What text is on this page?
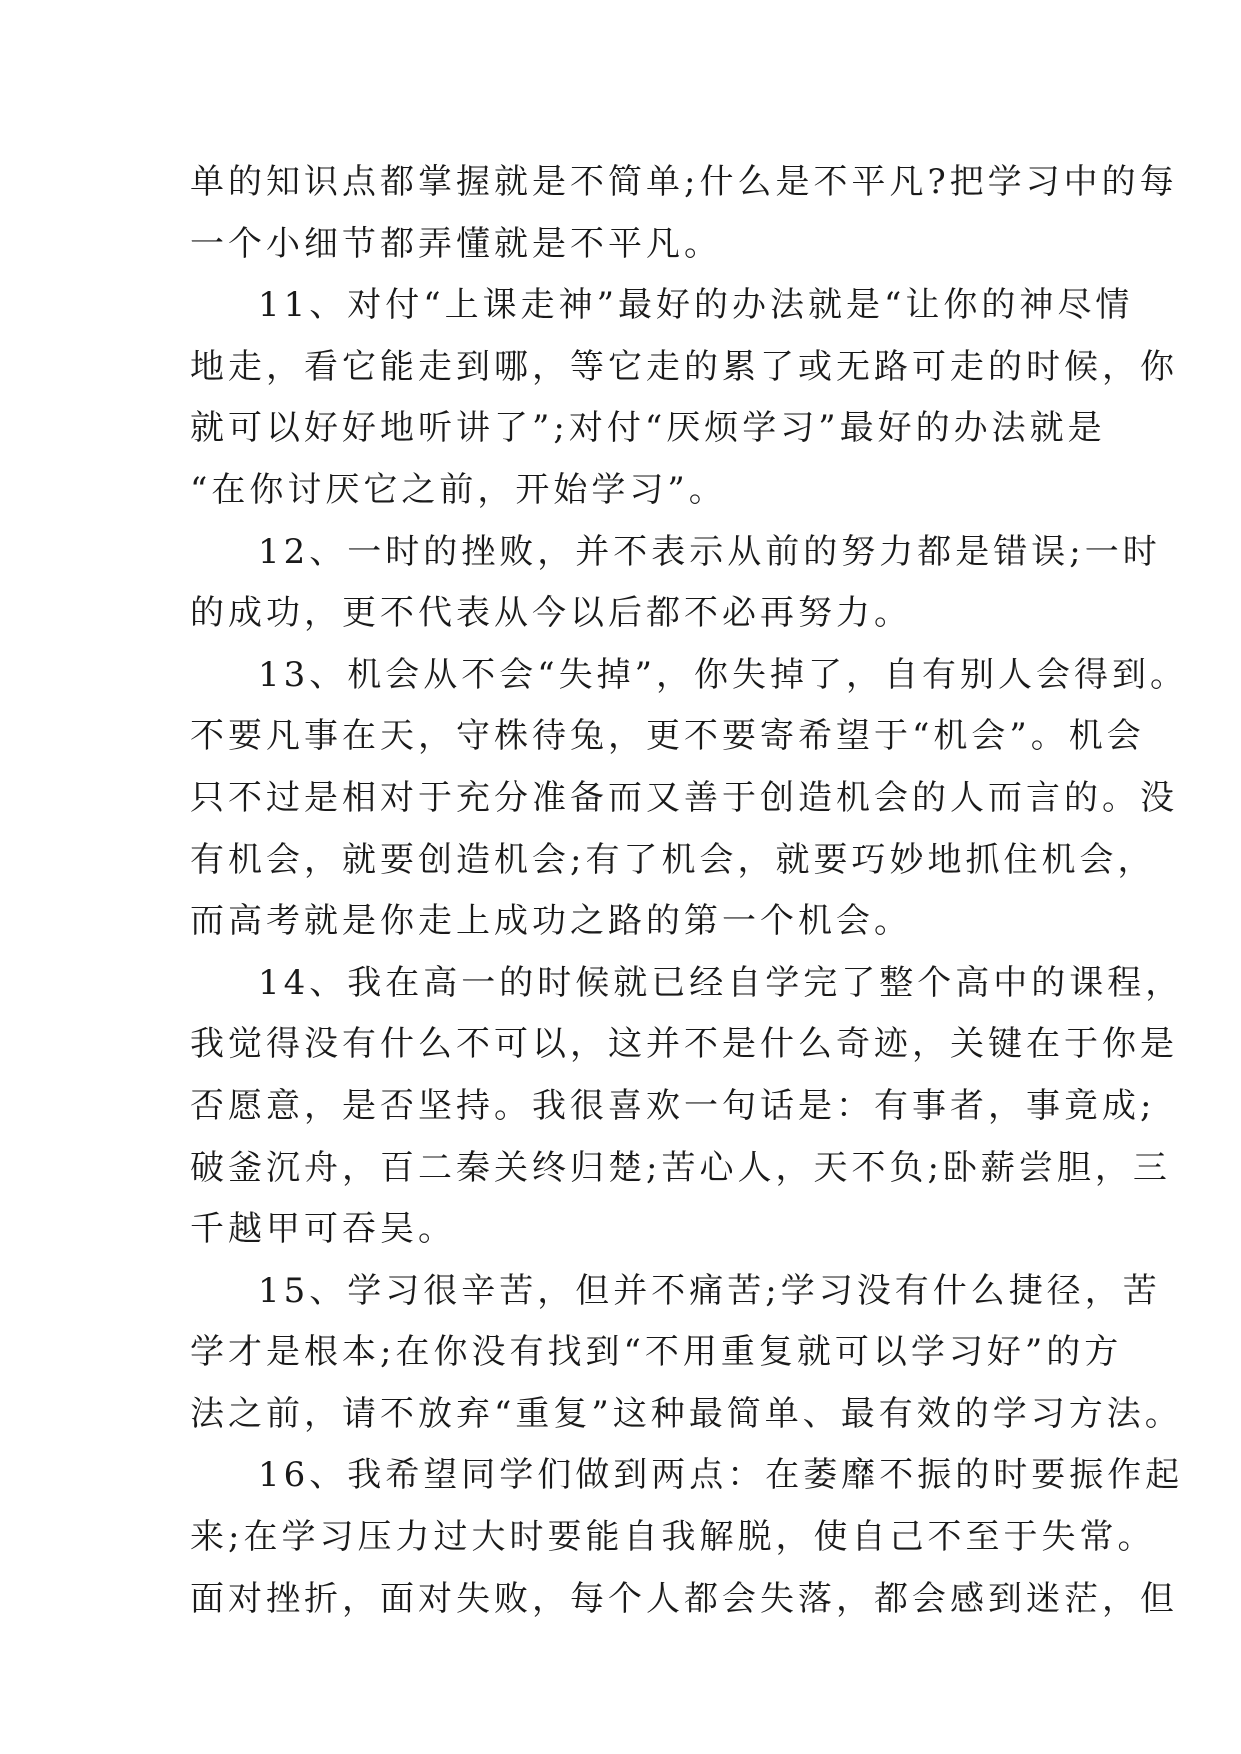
单的知识点都掌握就是不简单;什么是不平凡?把学习中的每
一个小细节都弄懂就是不平凡。
11、对付“上课走神”最好的办法就是“让你的神尽情
地走，看它能走到哪，等它走的累了或无路可走的时候，你
就可以好好地听讲了”;对付“厌烦学习”最好的办法就是
“在你讨厌它之前，开始学习”。
12、一时的挫败，并不表示从前的努力都是错误;一时
的成功，更不代表从今以后都不必再努力。
13、机会从不会“失掉”，你失掉了，自有别人会得到。
不要凡事在天，守株待兔，更不要寄希望于“机会”。机会
只不过是相对于充分准备而又善于创造机会的人而言的。没
有机会，就要创造机会;有了机会，就要巧妙地抓住机会，
而高考就是你走上成功之路的第一个机会。
14、我在高一的时候就已经自学完了整个高中的课程，
我觉得没有什么不可以，这并不是什么奇迹，关键在于你是
否愿意，是否坚持。我很喜欢一句话是：有事者，事竟成;
破釜沉舟，百二秦关终归楚;苦心人，天不负;卧薪尝胆，三
千越甲可吞吴。
15、学习很辛苦，但并不痛苦;学习没有什么捷径，苦
学才是根本;在你没有找到“不用重复就可以学习好”的方
法之前，请不放弃“重复”这种最简单、最有效的学习方法。
16、我希望同学们做到两点：在萎靡不振的时要振作起
来;在学习压力过大时要能自我解脱，使自己不至于失常。
面对挫折，面对失败，每个人都会失落，都会感到迷茫，但
